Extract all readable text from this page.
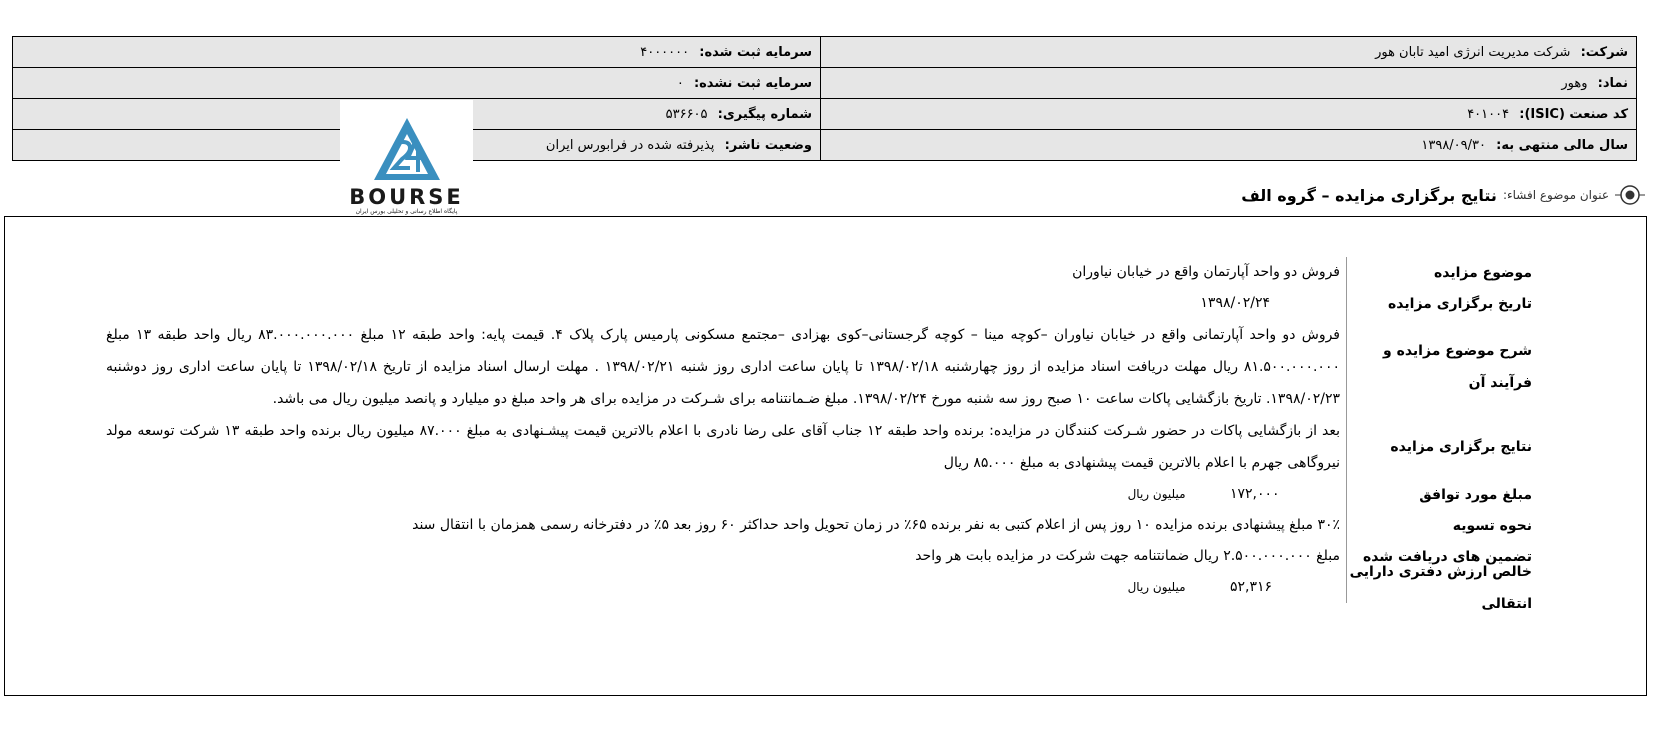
شرکت: شرکت مدیریت انرژی امید تابان هور	سرمایه ثبت شده: ۴۰۰۰۰۰۰
نماد: وهور	سرمایه ثبت نشده: ۰
کد صنعت (ISIC): ۴۰۱۰۰۴	شماره پیگیری: ۵۳۶۶۰۵
سال مالی منتهی به: ۱۳۹۸/۰۹/۳۰	وضعیت ناشر: پذیرفته شده در فرابورس ایران
BOURSE
پایگاه اطلاع رسانی و تحلیلی بورس ایران
عنوان موضوع افشاء:
نتایج برگزاری مزایده – گروه الف
موضوع مزایده
فروش دو واحد آپارتمان واقع در خیابان نیاوران
تاریخ برگزاری مزایده
۱۳۹۸/۰۲/۲۴
شرح موضوع مزایده و فرآیند آن
فروش دو واحد آپارتمانی واقع در خیابان نیاوران –کوچه مینا – کوچه گرجستانی–کوی بهزادی –مجتمع مسکونی پارمیس پارک پلاک ۴. قیمت پایه: واحد طبقه ۱۲ مبلغ ۸۳.۰۰۰.۰۰۰.۰۰۰ ریال واحد طبقه ۱۳ مبلغ ۸۱.۵۰۰.۰۰۰.۰۰۰ ریال مهلت دریافت اسناد مزایده از روز چهارشنبه ۱۳۹۸/۰۲/۱۸ تا پایان ساعت اداری روز شنبه ۱۳۹۸/۰۲/۲۱ . مهلت ارسال اسناد مزایده از تاریخ ۱۳۹۸/۰۲/۱۸ تا پایان ساعت اداری روز دوشنبه ۱۳۹۸/۰۲/۲۳. تاریخ بازگشایی پاکات ساعت ۱۰ صبح روز سه شنبه مورخ ۱۳۹۸/۰۲/۲۴. مبلغ ضـمانتنامه برای شـرکت در مزایده برای هر واحد مبلغ دو میلیارد و پانصد میلیون ریال می باشد.
نتایج برگزاری مزایده
بعد از بازگشایی پاکات در حضور شـرکت کنندگان در مزایده: برنده واحد طبقه ۱۲ جناب آقای علی رضا نادری با اعلام بالاترین قیمت پیشـنهادی به مبلغ ۸۷.۰۰۰ میلیون ریال برنده واحد طبقه ۱۳ شرکت توسعه مولد نیروگاهی جهرم با اعلام بالاترین قیمت پیشنهادی به مبلغ ۸۵.۰۰۰ ریال
مبلغ مورد توافق
۱۷۲,۰۰۰ میلیون ریال
نحوه تسویه
۳۰٪ مبلغ پیشنهادی برنده مزایده ۱۰ روز پس از اعلام کتبی به نفر برنده ۶۵٪ در زمان تحویل واحد حداکثر ۶۰ روز بعد ۵٪ در دفترخانه رسمی همزمان با انتقال سند
تضمین های دریافت شده
مبلغ ۲.۵۰۰.۰۰۰.۰۰۰ ریال ضمانتنامه جهت شرکت در مزایده بابت هر واحد
خالص ارزش دفتری دارایی انتقالی
۵۲,۳۱۶ میلیون ریال
